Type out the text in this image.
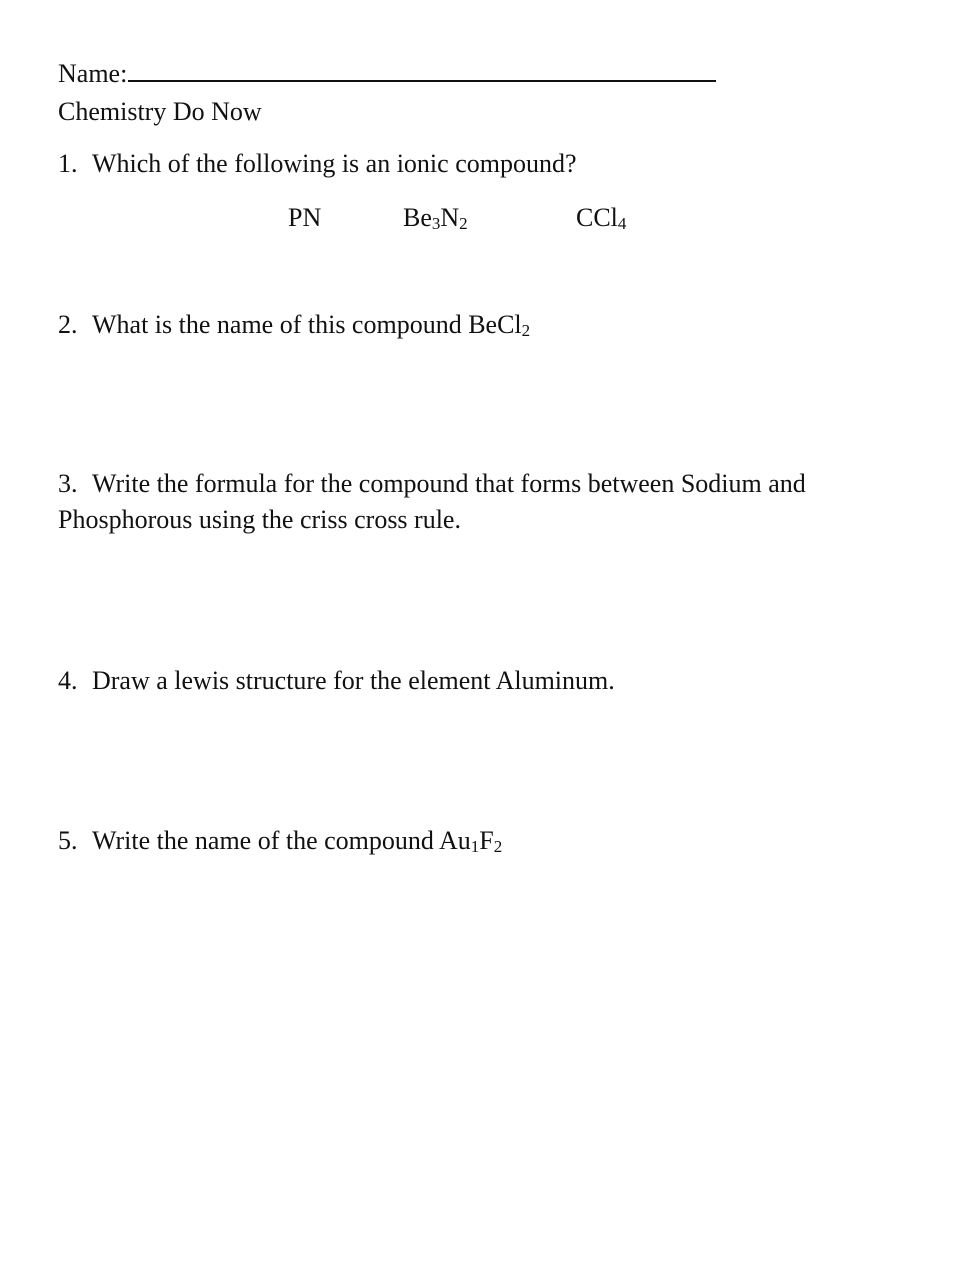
Name:
Chemistry Do Now
1. Which of the following is an ionic compound?
PN	Be3N2	CCl4
2. What is the name of this compound BeCl2
3. Write the formula for the compound that forms between Sodium and Phosphorous using the criss cross rule.
4. Draw a lewis structure for the element Aluminum.
5. Write the name of the compound Au1F2
